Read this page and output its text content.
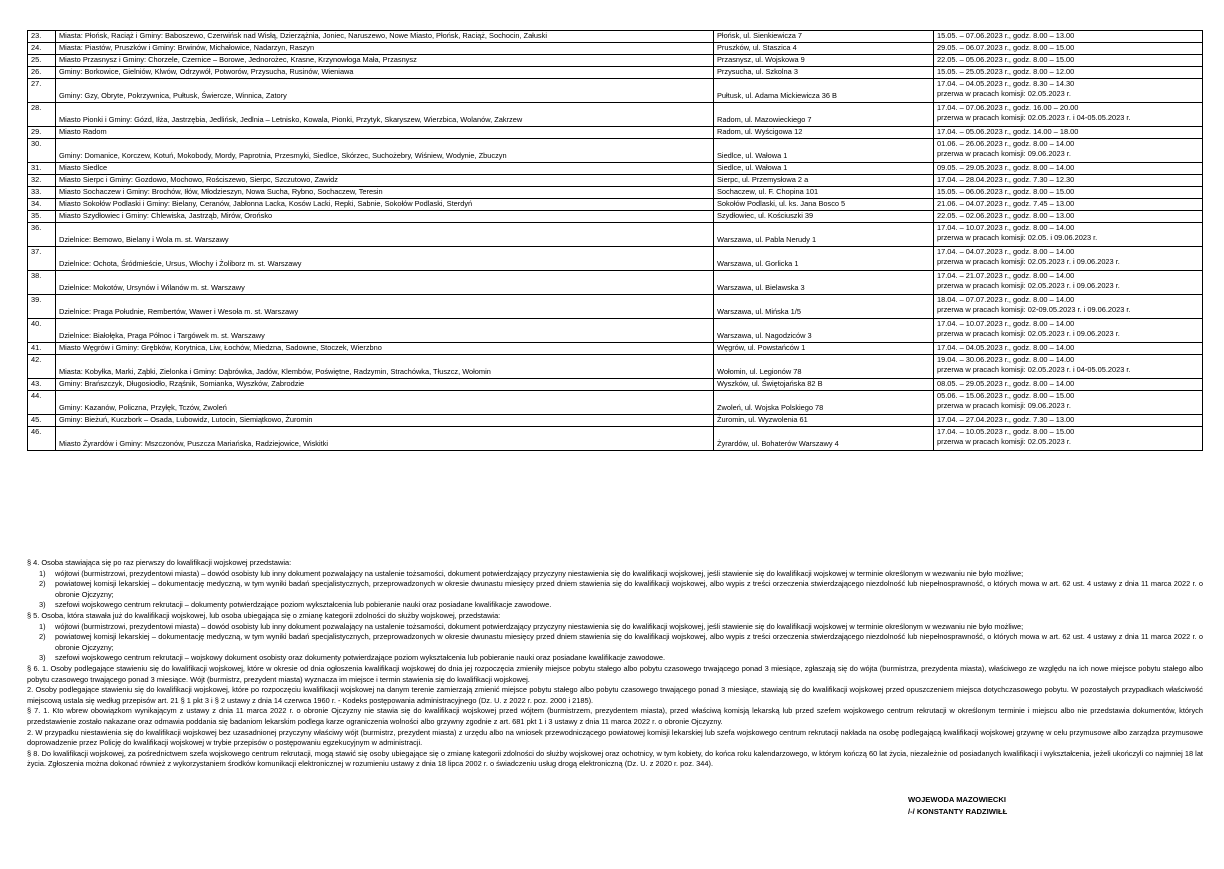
23.	Miasta: Płońsk, Raciąż i Gminy: Baboszewo, Czerwińsk nad Wisłą, Dzierzążnia, Joniec, Naruszewo, Nowe Miasto, Płońsk, Raciąż, Sochocin, Załuski	Płońsk, ul. Sienkiewicza 7	15.05. – 07.06.2023 r., godz. 8.00 – 13.00

24.	Miasta: Piastów, Pruszków i Gminy: Brwinów, Michałowice, Nadarzyn, Raszyn	Pruszków, ul. Staszica 4	29.05. – 06.07.2023 r., godz. 8.00 – 15.00

25.	Miasto Przasnysz i Gminy: Chorzele, Czernice – Borowe, Jednorożec, Krasne, Krzynowłoga Mała, Przasnysz	Przasnysz, ul. Wojskowa 9	22.05. – 05.06.2023 r., godz. 8.00 – 15.00

26.	Gminy: Borkowice, Gielniów, Klwów, Odrzywół, Potworów, Przysucha, Rusinów, Wieniawa	Przysucha, ul. Szkolna 3	15.05. – 25.05.2023 r., godz. 8.00 – 12.00

27.	Gminy: Gzy, Obryte, Pokrzywnica, Pułtusk, Świercze, Winnica, Zatory	Pułtusk, ul. Adama Mickiewicza 36 B	17.04. – 04.05.2023 r., godz. 8.30 – 14.30
przerwa w pracach komisji: 02.05.2023 r.

28.	Miasto Pionki i Gminy: Gózd, Iłża, Jastrzębia, Jedlińsk, Jedlnia – Letnisko, Kowala, Pionki, Przytyk, Skaryszew, Wierzbica, Wolanów, Zakrzew	Radom, ul. Mazowieckiego 7	17.04. – 07.06.2023 r., godz. 16.00 – 20.00
przerwa w pracach komisji: 02.05.2023 r. i 04-05.05.2023 r.

29.	Miasto Radom	Radom, ul. Wyścigowa 12	17.04. – 05.06.2023 r., godz. 14.00 – 18.00

30.	Gminy: Domanice, Korczew, Kotuń, Mokobody, Mordy, Paprotnia, Przesmyki, Siedlce, Skórzec, Suchożebry, Wiśniew, Wodynie, Zbuczyn	Siedlce, ul. Wałowa 1	01.06. – 26.06.2023 r., godz. 8.00 – 14.00
przerwa w pracach komisji: 09.06.2023 r.

31.	Miasto Siedlce	Siedlce, ul. Wałowa 1	09.05. – 29.05.2023 r., godz. 8.00 – 14.00

32.	Miasto Sierpc i Gminy: Gozdowo, Mochowo, Rościszewo, Sierpc, Szczutowo, Zawidz	Sierpc, ul. Przemysłowa 2 a	17.04. – 28.04.2023 r., godz. 7.30 – 12.30

33.	Miasto Sochaczew i Gminy: Brochów, Iłów, Młodzieszyn, Nowa Sucha, Rybno, Sochaczew, Teresin	Sochaczew, ul. F. Chopina 101	15.05. – 06.06.2023 r., godz. 8.00 – 15.00

34.	Miasto Sokołów Podlaski i Gminy: Bielany, Ceranów, Jabłonna Lacka, Kosów Lacki, Repki, Sabnie, Sokołów Podlaski, Sterdyń	Sokołów Podlaski, ul. ks. Jana Bosco 5	21.06. – 04.07.2023 r., godz. 7.45 – 13.00

35.	Miasto Szydłowiec i Gminy: Chlewiska, Jastrząb, Mirów, Orońsko	Szydłowiec, ul. Kościuszki 39	22.05. – 02.06.2023 r., godz. 8.00 – 13.00

36.	Dzielnice: Bemowo, Bielany i Wola m. st. Warszawy	Warszawa, ul. Pabla Nerudy 1	17.04. – 10.07.2023 r., godz. 8.00 – 14.00
przerwa w pracach komisji: 02.05. i 09.06.2023 r.

37.	Dzielnice: Ochota, Śródmieście, Ursus, Włochy i Żoliborz m. st. Warszawy	Warszawa, ul. Gorlicka 1	17.04. – 04.07.2023 r., godz. 8.00 – 14.00
przerwa w pracach komisji: 02.05.2023 r. i 09.06.2023 r.

38.	Dzielnice: Mokotów, Ursynów i Wilanów m. st. Warszawy	Warszawa, ul. Bielawska 3	17.04. – 21.07.2023 r., godz. 8.00 – 14.00
przerwa w pracach komisji: 02.05.2023 r. i 09.06.2023 r.

39.	Dzielnice: Praga Południe, Rembertów, Wawer i Wesoła m. st. Warszawy	Warszawa, ul. Mińska 1/5	18.04. – 07.07.2023 r., godz. 8.00 – 14.00
przerwa w pracach komisji: 02-09.05.2023 r. i 09.06.2023 r.

40.	Dzielnice: Białołęka, Praga Północ i Targówek m. st. Warszawy	Warszawa, ul. Nagodziców 3	17.04. – 10.07.2023 r., godz. 8.00 – 14.00
przerwa w pracach komisji: 02.05.2023 r. i 09.06.2023 r.

41.	Miasto Węgrów i Gminy: Grębków, Korytnica, Liw, Łochów, Miedzna, Sadowne, Stoczek, Wierzbno	Węgrów, ul. Powstańców 1	17.04. – 04.05.2023 r., godz. 8.00 – 14.00

42.	Miasta: Kobyłka, Marki, Ząbki, Zielonka i Gminy: Dąbrówka, Jadów, Klembów, Poświętne, Radzymin, Strachówka, Tłuszcz, Wołomin	Wołomin, ul. Legionów 78	19.04. – 30.06.2023 r., godz. 8.00 – 14.00
przerwa w pracach komisji: 02.05.2023 r. i 04-05.05.2023 r.

43.	Gminy: Brańszczyk, Długosiodło, Rząśnik, Somianka, Wyszków, Zabrodzie	Wyszków, ul. Świętojańska 82 B	08.05. – 29.05.2023 r., godz. 8.00 – 14.00

44.	Gminy: Kazanów, Policzna, Przyłęk, Tczów, Zwoleń	Zwoleń, ul. Wojska Polskiego 78	05.06. – 15.06.2023 r., godz. 8.00 – 15.00
przerwa w pracach komisji: 09.06.2023 r.

45.	Gminy: Bieżuń, Kuczbork – Osada, Lubowidz, Lutocin, Siemiątkowo, Żuromin	Żuromin, ul. Wyzwolenia 61	17.04. – 27.04.2023 r., godz. 7.30 – 13.00

46.	Miasto Żyrardów i Gminy: Mszczonów, Puszcza Mariańska, Radziejowice, Wiskitki	Żyrardów, ul. Bohaterów Warszawy 4	17.04. – 10.05.2023 r., godz. 8.00 – 15.00
przerwa w pracach komisji: 02.05.2023 r.
§ 4. Osoba stawiająca się po raz pierwszy do kwalifikacji wojskowej przedstawia:
1)	wójtowi (burmistrzowi, prezydentowi miasta) – dowód osobisty lub inny dokument pozwalający na ustalenie tożsamości, dokument potwierdzający przyczyny niestawienia się do kwalifikacji wojskowej, jeśli stawienie się do kwalifikacji wojskowej w terminie określonym w wezwaniu nie było możliwe;
2)	powiatowej komisji lekarskiej – dokumentację medyczną, w tym wyniki badań specjalistycznych, przeprowadzonych w okresie dwunastu miesięcy przed dniem stawienia się do kwalifikacji wojskowej, albo wypis z treści orzeczenia stwierdzającego niezdolność lub niepełnosprawność, o których mowa w art. 62 ust. 4 ustawy z dnia 11 marca 2022 r. o obronie Ojczyzny;
3)	szefowi wojskowego centrum rekrutacji – dokumenty potwierdzające poziom wykształcenia lub pobieranie nauki oraz posiadane kwalifikacje zawodowe.
§ 5. Osoba, która stawała już do kwalifikacji wojskowej, lub osoba ubiegająca się o zmianę kategorii zdolności do służby wojskowej, przedstawia:
1)	wójtowi (burmistrzowi, prezydentowi miasta) – dowód osobisty lub inny dokument pozwalający na ustalenie tożsamości, dokument potwierdzający przyczyny niestawienia się do kwalifikacji wojskowej, jeśli stawienie się do kwalifikacji wojskowej w terminie określonym w wezwaniu nie było możliwe;
2)	powiatowej komisji lekarskiej – dokumentację medyczną, w tym wyniki badań specjalistycznych, przeprowadzonych w okresie dwunastu miesięcy przed dniem stawienia się do kwalifikacji wojskowej, albo wypis z treści orzeczenia stwierdzającego niezdolność lub niepełnosprawność, o których mowa w art. 62 ust. 4 ustawy z dnia 11 marca 2022 r. o obronie Ojczyzny;
3)	szefowi wojskowego centrum rekrutacji – wojskowy dokument osobisty oraz dokumenty potwierdzające poziom wykształcenia lub pobieranie nauki oraz posiadane kwalifikacje zawodowe.
§ 6. 1. Osoby podlegające stawieniu się do kwalifikacji wojskowej, które w okresie od dnia ogłoszenia kwalifikacji wojskowej do dnia jej rozpoczęcia zmieniły miejsce pobytu stałego albo pobytu czasowego trwającego ponad 3 miesiące, zgłaszają się do wójta (burmistrza, prezydenta miasta), właściwego ze względu na ich nowe miejsce pobytu stałego albo pobytu czasowego trwającego ponad 3 miesiące. Wójt (burmistrz, prezydent miasta) wyznacza im miejsce i termin stawienia się do kwalifikacji wojskowej.
2. Osoby podlegające stawieniu się do kwalifikacji wojskowej, które po rozpoczęciu kwalifikacji wojskowej na danym terenie zamierzają zmienić miejsce pobytu stałego albo pobytu czasowego trwającego ponad 3 miesiące, stawiają się do kwalifikacji wojskowej przed opuszczeniem miejsca dotychczasowego pobytu. W pozostałych przypadkach właściwość miejscową ustala się według przepisów art. 21 § 1 pkt 3 i § 2 ustawy z dnia 14 czerwca 1960 r. - Kodeks postępowania administracyjnego (Dz. U. z 2022 r. poz. 2000 i 2185).
§ 7. 1. Kto wbrew obowiązkom wynikającym z ustawy z dnia 11 marca 2022 r. o obronie Ojczyzny nie stawia się do kwalifikacji wojskowej przed wójtem (burmistrzem, prezydentem miasta), przed właściwą komisją lekarską lub przed szefem wojskowego centrum rekrutacji w określonym terminie i miejscu albo nie przedstawia dokumentów, których przedstawienie zostało nakazane oraz odmawia poddania się badaniom lekarskim podlega karze ograniczenia wolności albo grzywny zgodnie z art. 681 pkt 1 i 3 ustawy z dnia 11 marca 2022 r. o obronie Ojczyzny.
2. W przypadku niestawienia się do kwalifikacji wojskowej bez uzasadnionej przyczyny właściwy wójt (burmistrz, prezydent miasta) z urzędu albo na wniosek przewodniczącego powiatowej komisji lekarskiej lub szefa wojskowego centrum rekrutacji nakłada na osobę podlegającą kwalifikacji wojskowej grzywnę w celu przymusowe albo zarządza przymusowe doprowadzenie przez Policję do kwalifikacji wojskowej w trybie przepisów o postępowaniu egzekucyjnym w administracji.
§ 8. Do kwalifikacji wojskowej, za pośrednictwem szefa wojskowego centrum rekrutacji, mogą stawić się osoby ubiegające się o zmianę kategorii zdolności do służby wojskowej oraz ochotnicy, w tym kobiety, do końca roku kalendarzowego, w którym kończą 60 lat życia, niezależnie od posiadanych kwalifikacji i wykształcenia, jeżeli ukończyli co najmniej 18 lat życia. Zgłoszenia można dokonać również z wykorzystaniem środków komunikacji elektronicznej w rozumieniu ustawy z dnia 18 lipca 2002 r. o świadczeniu usług drogą elektroniczną (Dz. U. z 2020 r. poz. 344).
WOJEWODA MAZOWIECKI
/-/ KONSTANTY RADZIWIŁŁ
